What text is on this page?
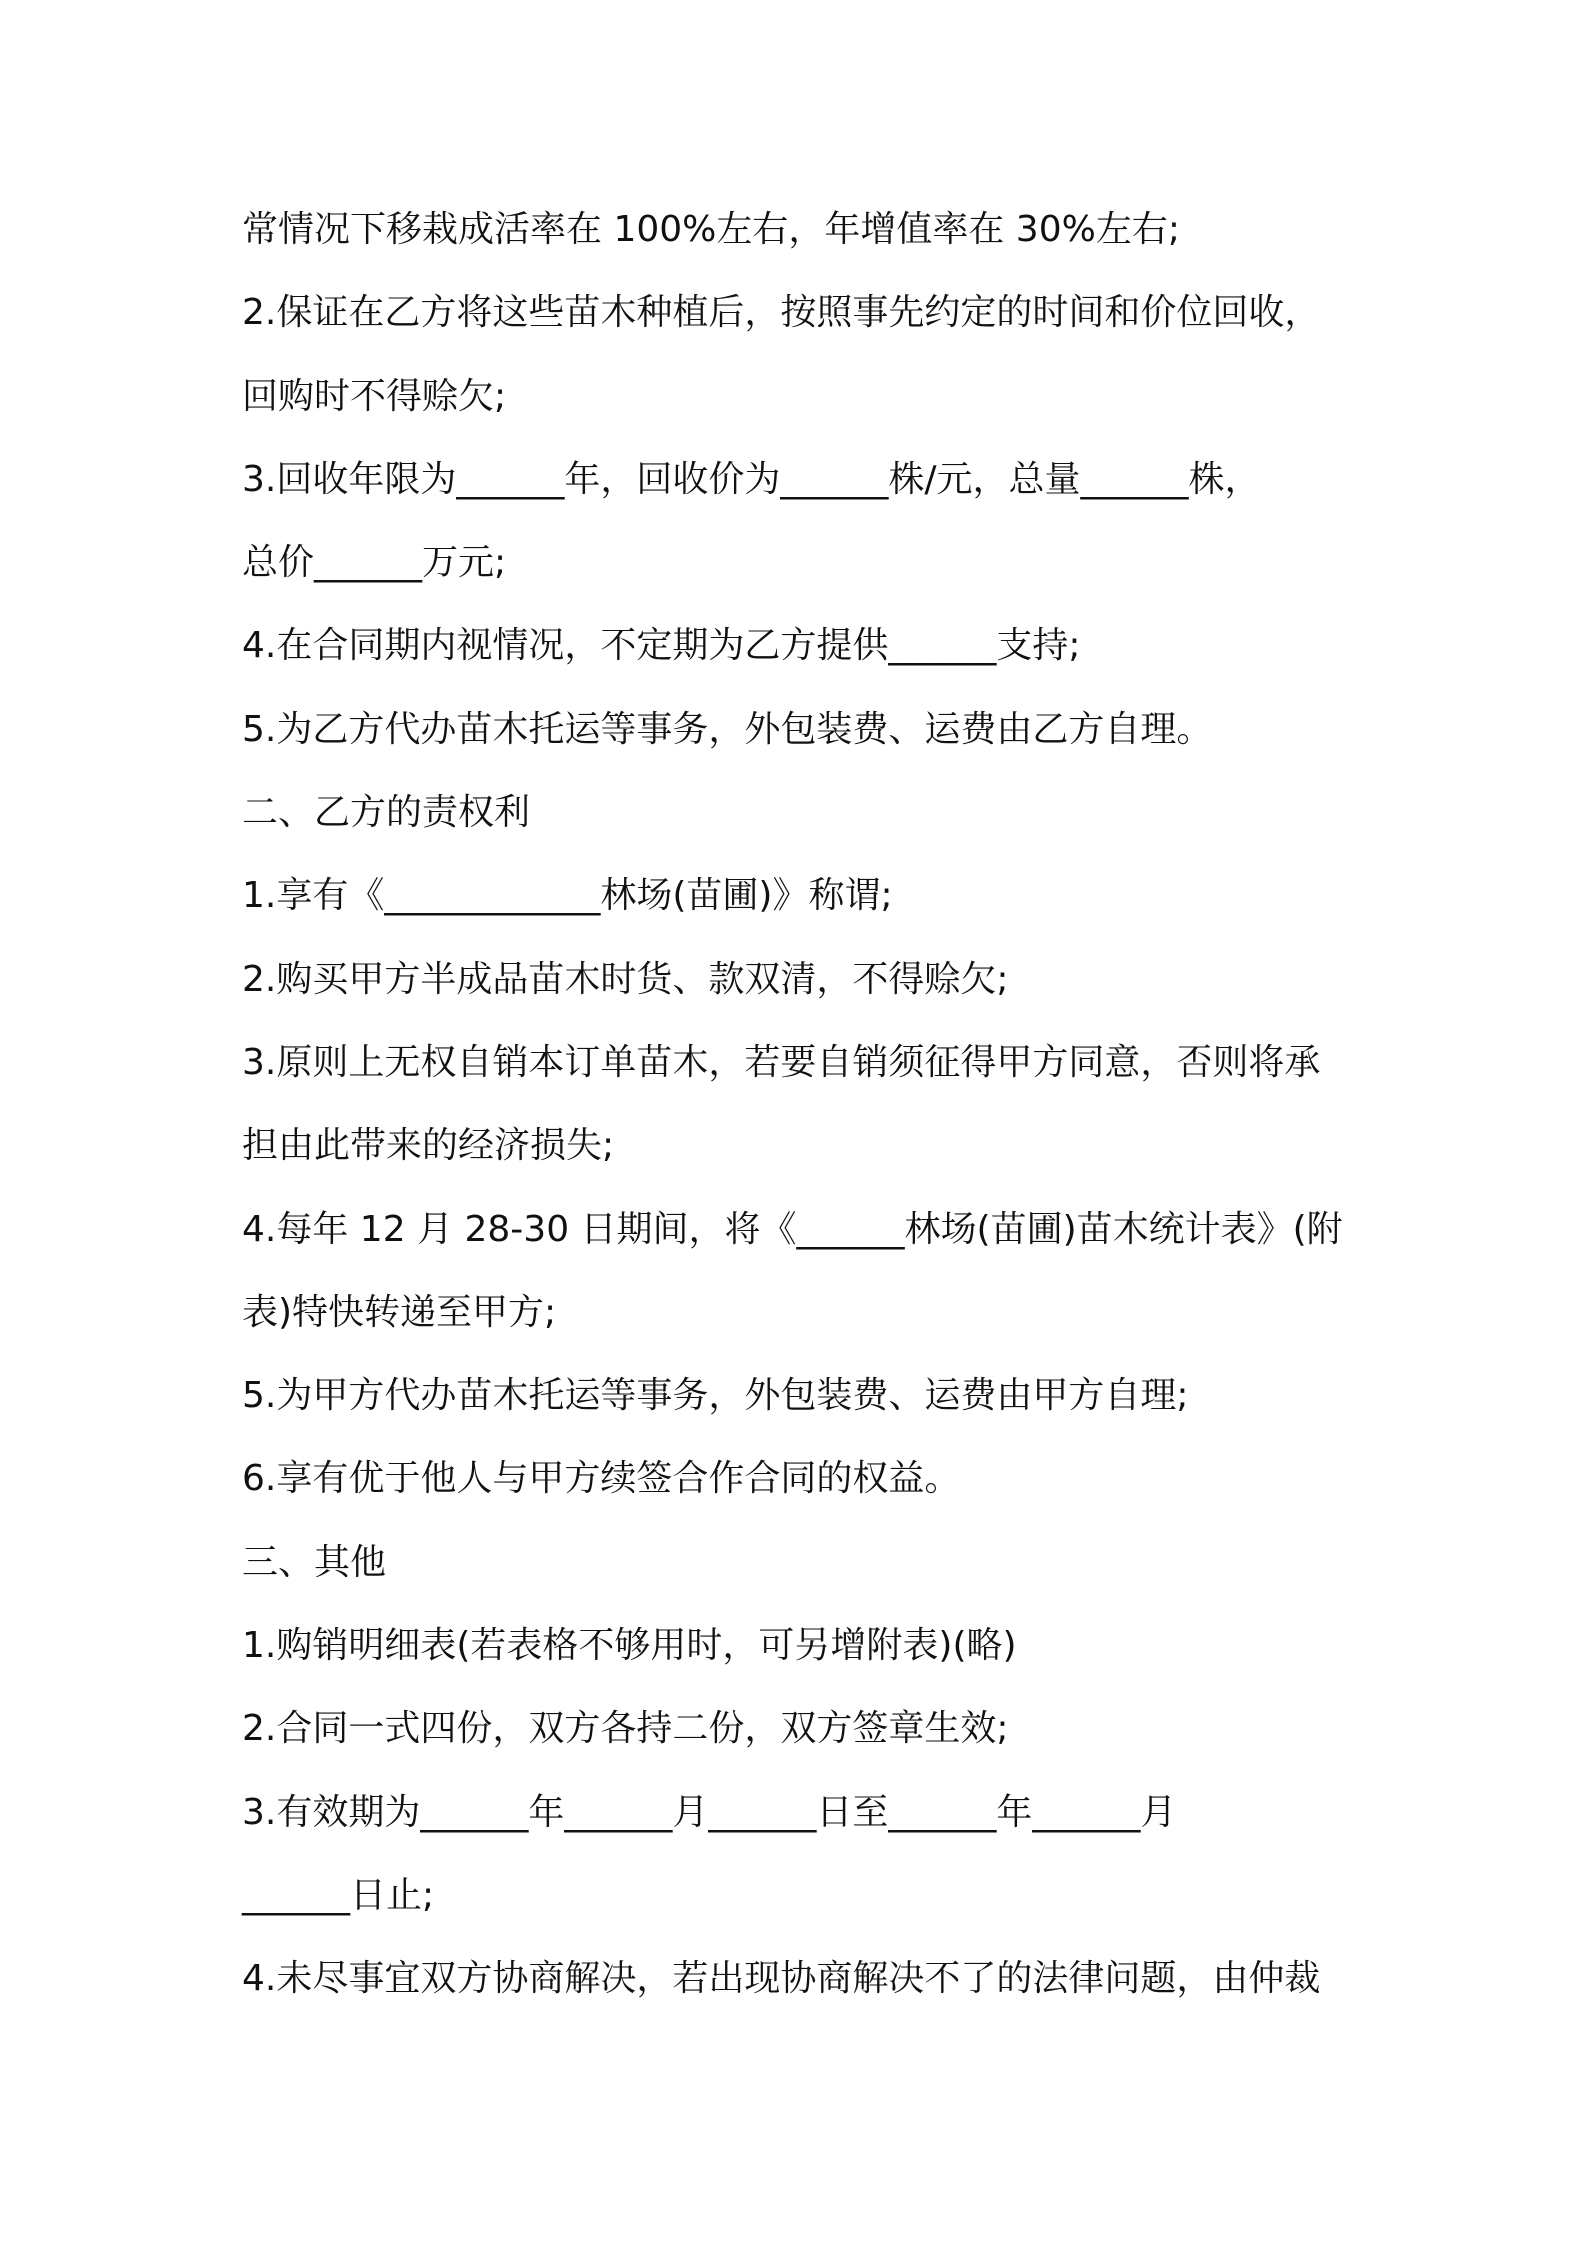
常情况下移栽成活率在 100%左右，年增值率在 30%左右;
2.保证在乙方将这些苗木种植后，按照事先约定的时间和价位回收，
回购时不得赊欠;
3.回收年限为______年，回收价为______株/元，总量______株，
总价______万元;
4.在合同期内视情况，不定期为乙方提供______支持;
5.为乙方代办苗木托运等事务，外包装费、运费由乙方自理。
二、乙方的责权利
1.享有《____________林场(苗圃)》称谓;
2.购买甲方半成品苗木时货、款双清，不得赊欠;
3.原则上无权自销本订单苗木，若要自销须征得甲方同意，否则将承
担由此带来的经济损失;
4.每年 12 月 28-30 日期间，将《______林场(苗圃)苗木统计表》(附
表)特快转递至甲方;
5.为甲方代办苗木托运等事务，外包装费、运费由甲方自理;
6.享有优于他人与甲方续签合作合同的权益。
三、其他
1.购销明细表(若表格不够用时，可另增附表)(略)
2.合同一式四份，双方各持二份，双方签章生效;
3.有效期为______年______月______日至______年______月
______日止;
4.未尽事宜双方协商解决，若出现协商解决不了的法律问题，由仲裁
